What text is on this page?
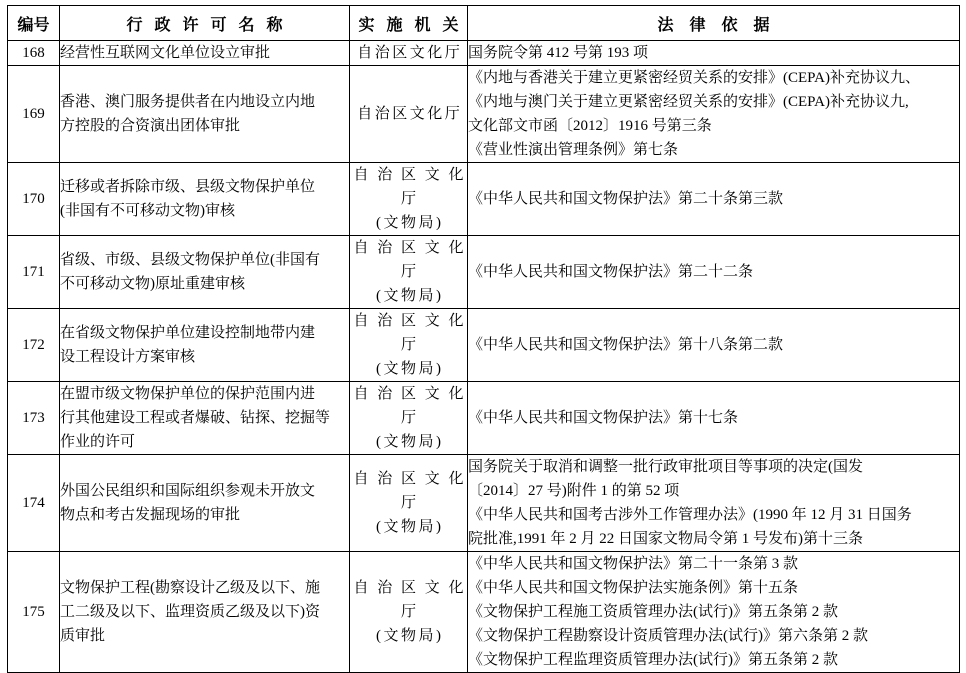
编号	行 政 许 可 名 称	实 施 机 关	法 律 依 据
168	经营性互联网文化单位设立审批	自治区文化厅	国务院令第 412 号第 193 项

169	香港、澳门服务提供者在内地设立内地
方控股的合资演出团体审批	自治区文化厅	《内地与香港关于建立更紧密经贸关系的安排》(CEPA)补充协议九、
《内地与澳门关于建立更紧密经贸关系的安排》(CEPA)补充协议九,
文化部文市函〔2012〕1916 号第三条
《营业性演出管理条例》第七条

170	迁移或者拆除市级、县级文物保护单位
(非国有不可移动文物)审核	自 治 区 文 化 厅
(文物局)	《中华人民共和国文物保护法》第二十条第三款

171	省级、市级、县级文物保护单位(非国有
不可移动文物)原址重建审核	自 治 区 文 化 厅
(文物局)	《中华人民共和国文物保护法》第二十二条

172	在省级文物保护单位建设控制地带内建
设工程设计方案审核	自 治 区 文 化 厅
(文物局)	《中华人民共和国文物保护法》第十八条第二款

173	在盟市级文物保护单位的保护范围内进
行其他建设工程或者爆破、钻探、挖掘等
作业的许可	自 治 区 文 化 厅
(文物局)	《中华人民共和国文物保护法》第十七条

174	外国公民组织和国际组织参观未开放文
物点和考古发掘现场的审批	自 治 区 文 化 厅
(文物局)	国务院关于取消和调整一批行政审批项目等事项的决定(国发
〔2014〕27 号)附件 1 的第 52 项
《中华人民共和国考古涉外工作管理办法》(1990 年 12 月 31 日国务
院批准,1991 年 2 月 22 日国家文物局令第 1 号发布)第十三条

175	文物保护工程(勘察设计乙级及以下、施
工二级及以下、监理资质乙级及以下)资
质审批	自 治 区 文 化 厅
(文物局)	《中华人民共和国文物保护法》第二十一条第 3 款
《中华人民共和国文物保护法实施条例》第十五条
《文物保护工程施工资质管理办法(试行)》第五条第 2 款
《文物保护工程勘察设计资质管理办法(试行)》第六条第 2 款
《文物保护工程监理资质管理办法(试行)》第五条第 2 款
